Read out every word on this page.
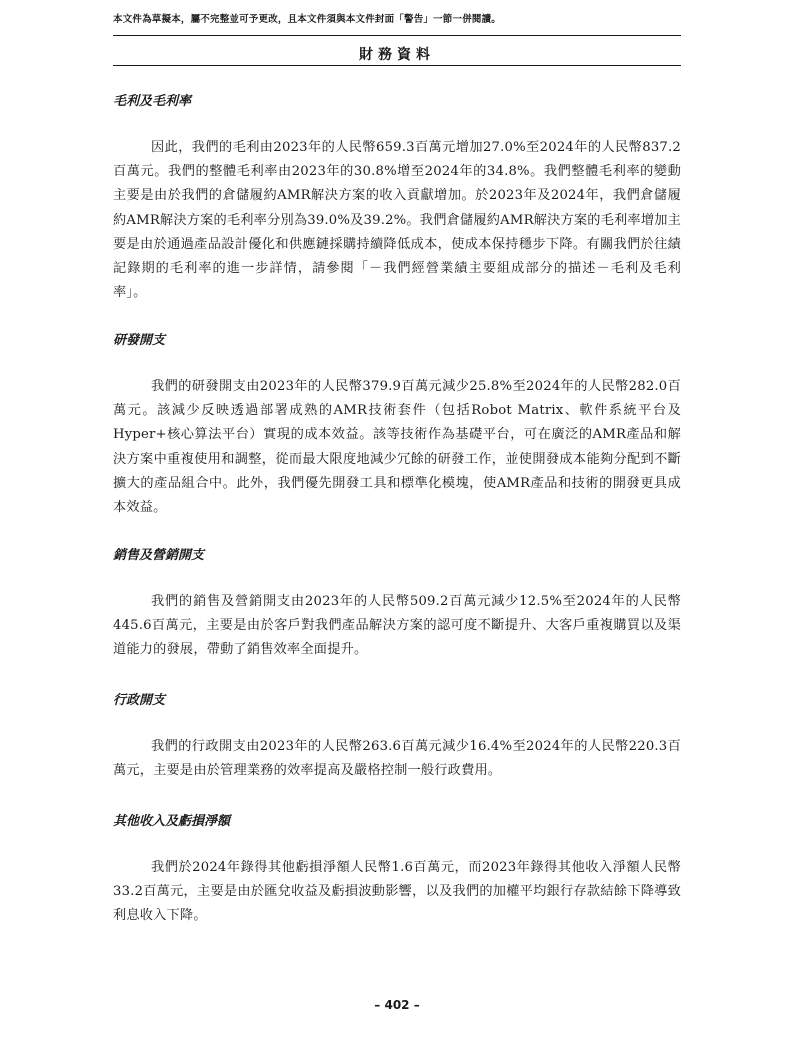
本文件為草擬本，屬不完整並可予更改，且本文件須與本文件封面「警告」一節一併閱讀。
財務資料
毛利及毛利率

因此，我們的毛利由2023年的人民幣659.3百萬元增加27.0%至2024年的人民幣837.2百萬元。我們的整體毛利率由2023年的30.8%增至2024年的34.8%。我們整體毛利率的變動主要是由於我們的倉儲履約AMR解決方案的收入貢獻增加。於2023年及2024年，我們倉儲履約AMR解決方案的毛利率分別為39.0%及39.2%。我們倉儲履約AMR解決方案的毛利率增加主要是由於通過產品設計優化和供應鏈採購持續降低成本，使成本保持穩步下降。有關我們於往績記錄期的毛利率的進一步詳情，請參閱「－我們經營業績主要組成部分的描述－毛利及毛利率」。

研發開支

我們的研發開支由2023年的人民幣379.9百萬元減少25.8%至2024年的人民幣282.0百萬元。該減少反映透過部署成熟的AMR技術套件（包括Robot Matrix、軟件系統平台及Hyper+核心算法平台）實現的成本效益。該等技術作為基礎平台，可在廣泛的AMR產品和解決方案中重複使用和調整，從而最大限度地減少冗餘的研發工作，並使開發成本能夠分配到不斷擴大的產品組合中。此外，我們優先開發工具和標準化模塊，使AMR產品和技術的開發更具成本效益。

銷售及營銷開支

我們的銷售及營銷開支由2023年的人民幣509.2百萬元減少12.5%至2024年的人民幣445.6百萬元，主要是由於客戶對我們產品解決方案的認可度不斷提升、大客戶重複購買以及渠道能力的發展，帶動了銷售效率全面提升。

行政開支

我們的行政開支由2023年的人民幣263.6百萬元減少16.4%至2024年的人民幣220.3百萬元，主要是由於管理業務的效率提高及嚴格控制一般行政費用。

其他收入及虧損淨額

我們於2024年錄得其他虧損淨額人民幣1.6百萬元，而2023年錄得其他收入淨額人民幣33.2百萬元，主要是由於匯兌收益及虧損波動影響，以及我們的加權平均銀行存款結餘下降導致利息收入下降。

– 402 –
